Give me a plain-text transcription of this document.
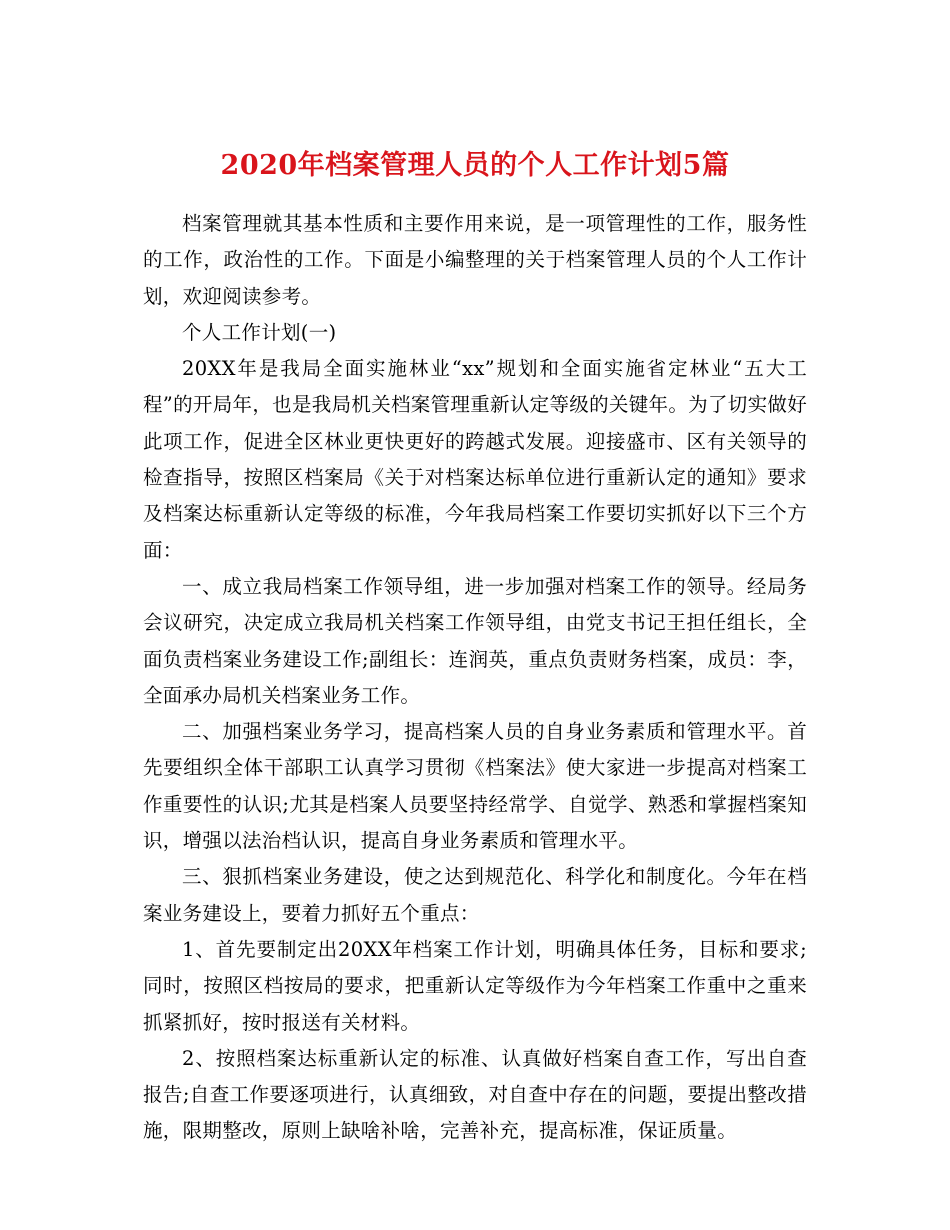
2020年档案管理人员的个人工作计划5篇

档案管理就其基本性质和主要作用来说，是一项管理性的工作，服务性的工作，政治性的工作。下面是小编整理的关于档案管理人员的个人工作计划，欢迎阅读参考。

个人工作计划(一)

20XX年是我局全面实施林业“xx”规划和全面实施省定林业“五大工程”的开局年，也是我局机关档案管理重新认定等级的关键年。为了切实做好此项工作，促进全区林业更快更好的跨越式发展。迎接盛市、区有关领导的检查指导，按照区档案局《关于对档案达标单位进行重新认定的通知》要求及档案达标重新认定等级的标准，今年我局档案工作要切实抓好以下三个方面：

一、成立我局档案工作领导组，进一步加强对档案工作的领导。经局务会议研究，决定成立我局机关档案工作领导组，由党支书记王担任组长，全面负责档案业务建设工作;副组长：连润英，重点负责财务档案，成员：李，全面承办局机关档案业务工作。

二、加强档案业务学习，提高档案人员的自身业务素质和管理水平。首先要组织全体干部职工认真学习贯彻《档案法》使大家进一步提高对档案工作重要性的认识;尤其是档案人员要坚持经常学、自觉学、熟悉和掌握档案知识，增强以法治档认识，提高自身业务素质和管理水平。

三、狠抓档案业务建设，使之达到规范化、科学化和制度化。今年在档案业务建设上，要着力抓好五个重点：

1、首先要制定出20XX年档案工作计划，明确具体任务，目标和要求;同时，按照区档按局的要求，把重新认定等级作为今年档案工作重中之重来抓紧抓好，按时报送有关材料。

2、按照档案达标重新认定的标准、认真做好档案自查工作，写出自查报告;自查工作要逐项进行，认真细致，对自查中存在的问题，要提出整改措施，限期整改，原则上缺啥补啥，完善补充，提高标准，保证质量。
